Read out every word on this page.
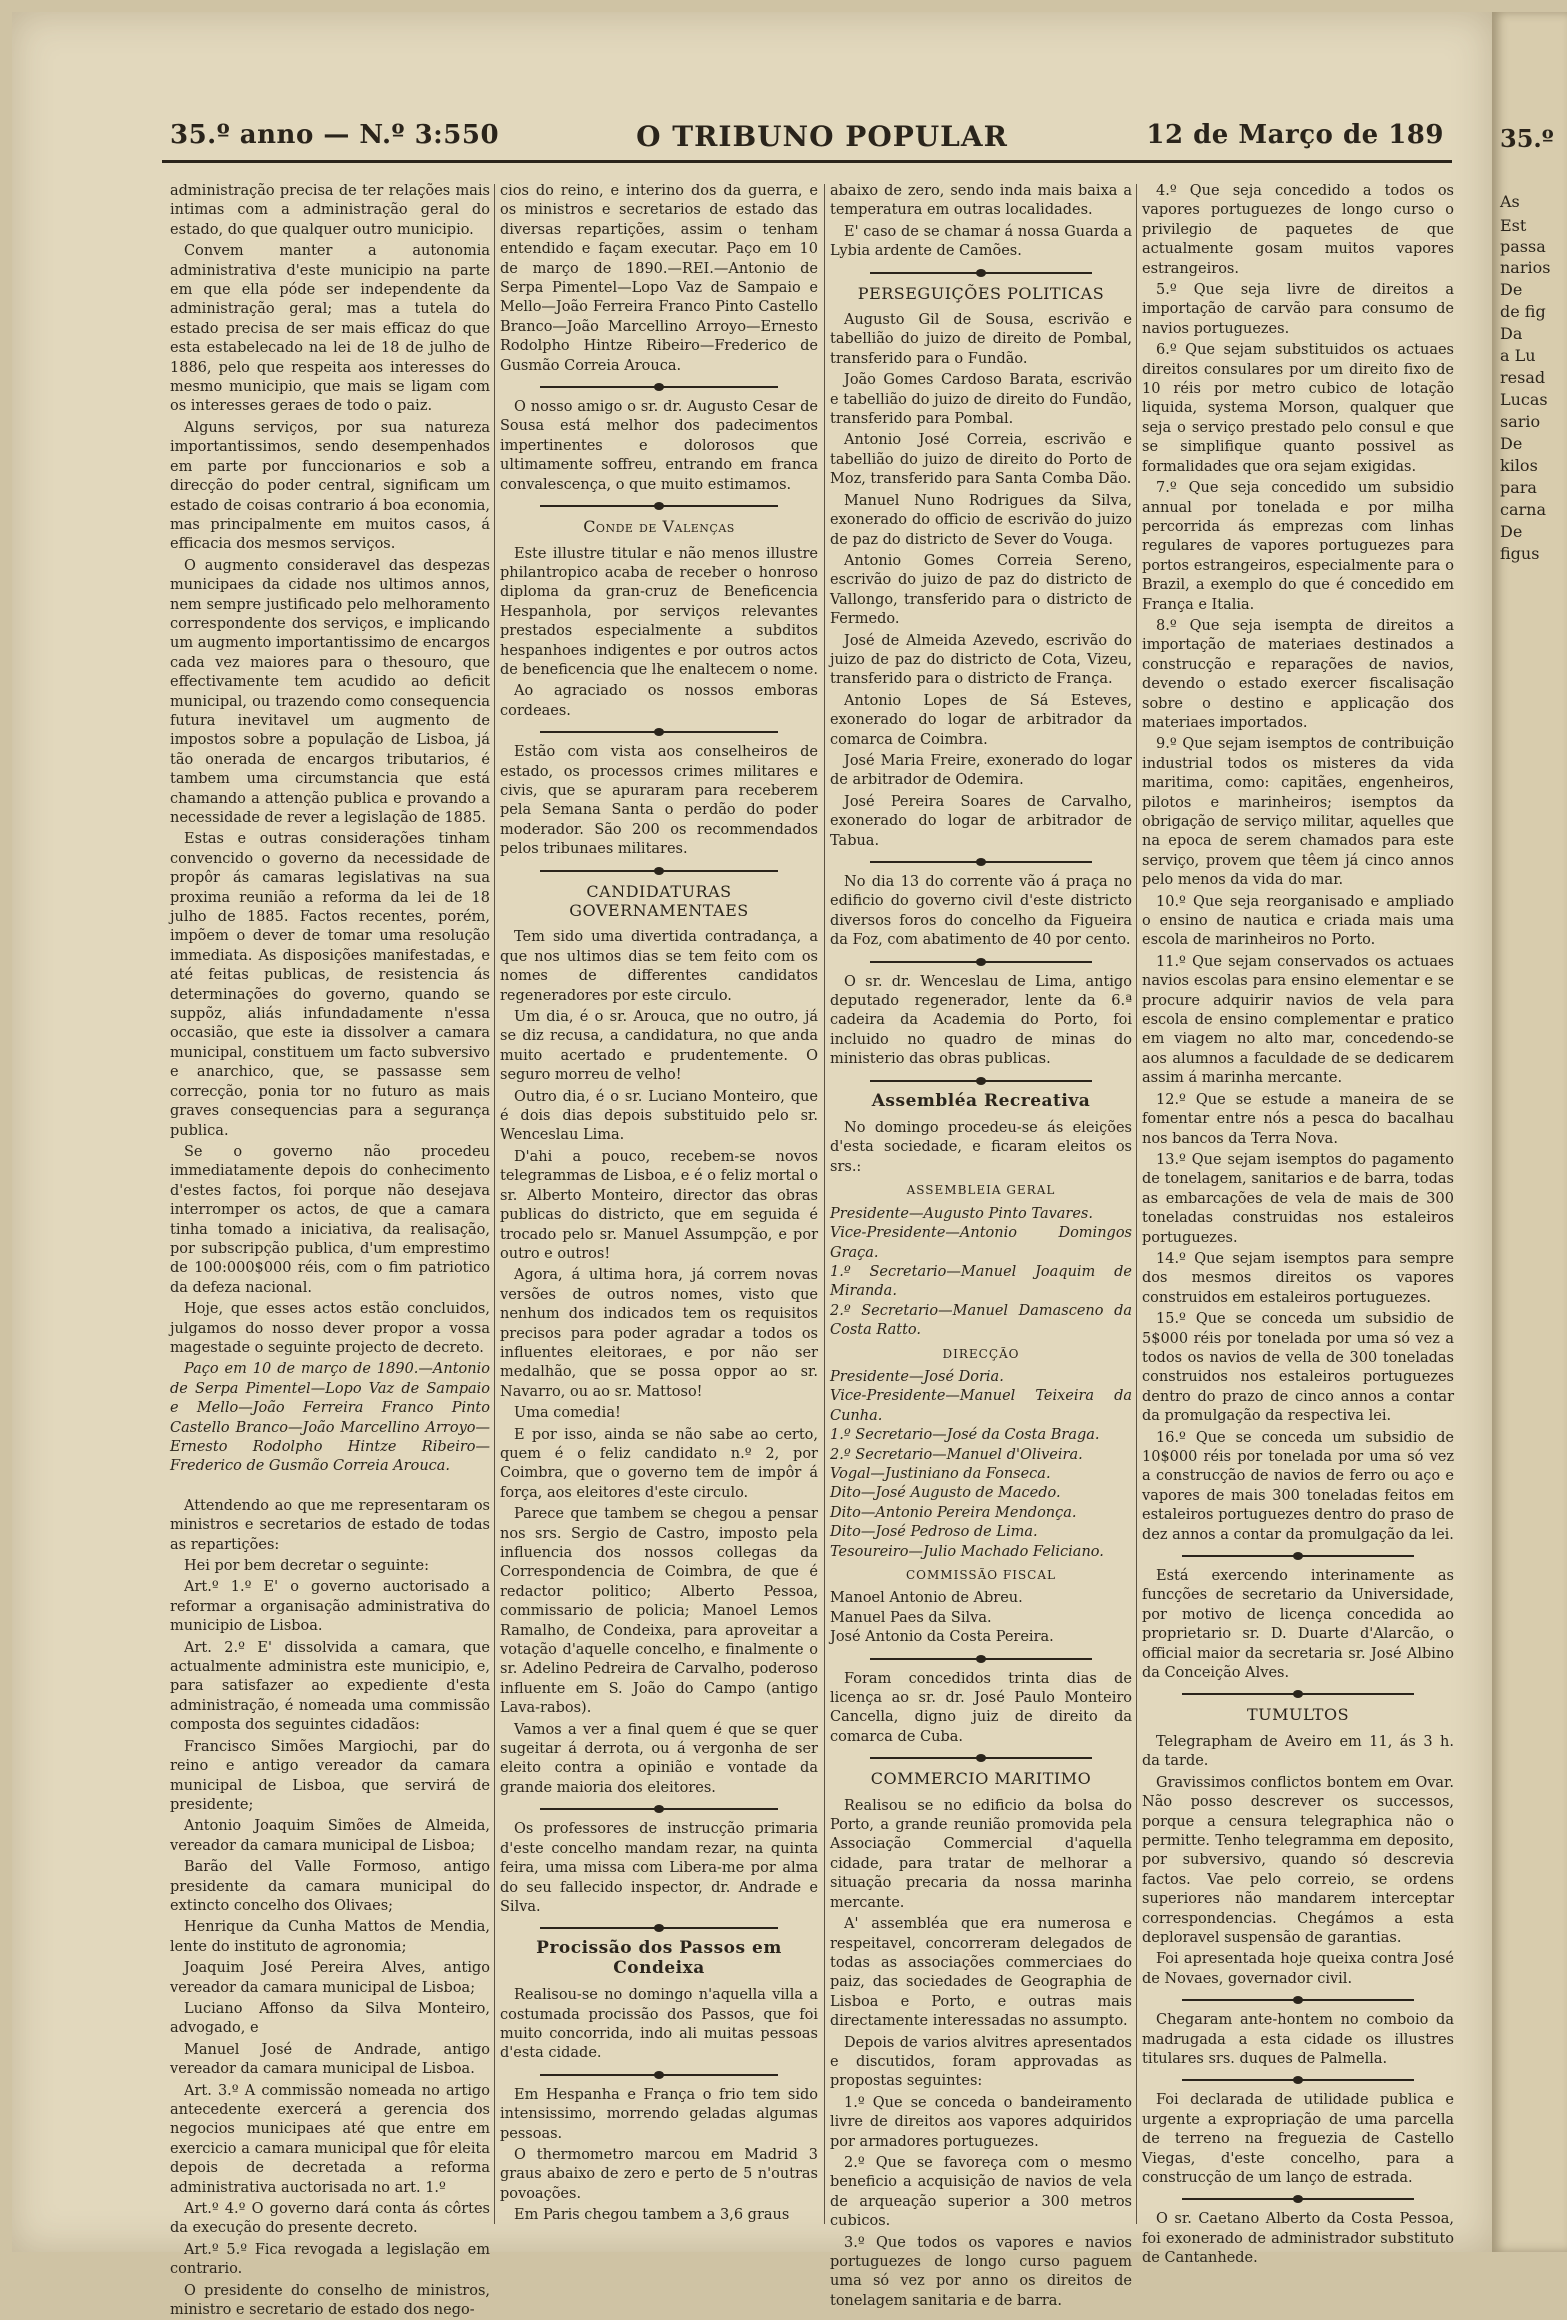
35.º anno — N.º 3:550	O TRIBUNO POPULAR	12 de Março de 189

administração precisa de ter relações mais intimas com a administração geral do estado, do que qualquer outro municipio.

Convem manter a autonomia administrativa d'este municipio na parte em que ella póde ser independente da administração geral; mas a tutela do estado precisa de ser mais efficaz do que esta estabelecado na lei de 18 de julho de 1886, pelo que respeita aos interesses do mesmo municipio, que mais se ligam com os interesses geraes de todo o paiz.

Alguns serviços, por sua natureza importantissimos, sendo desempenhados em parte por funccionarios e sob a direcção do poder central, significam um estado de coisas contrario á boa economia, mas principalmente em muitos casos, á efficacia dos mesmos serviços.

O augmento consideravel das despezas municipaes da cidade nos ultimos annos, nem sempre justificado pelo melhoramento correspondente dos serviços, e implicando um augmento importantissimo de encargos cada vez maiores para o thesouro, que effectivamente tem acudido ao deficit municipal, ou trazendo como consequencia futura inevitavel um augmento de impostos sobre a população de Lisboa, já tão onerada de encargos tributarios, é tambem uma circumstancia que está chamando a attenção publica e provando a necessidade de rever a legislação de 1885.

Estas e outras considerações tinham convencido o governo da necessidade de propôr ás camaras legislativas na sua proxima reunião a reforma da lei de 18 julho de 1885. Factos recentes, porém, impõem o dever de tomar uma resolução immediata. As disposições manifestadas, e até feitas publicas, de resistencia ás determinações do governo, quando se suppõz, aliás infundadamente n'essa occasião, que este ia dissolver a camara municipal, constituem um facto subversivo e anarchico, que, se passasse sem correcção, ponia tor no futuro as mais graves consequencias para a segurança publica.

Se o governo não procedeu immediatamente depois do conhecimento d'estes factos, foi porque não desejava interromper os actos, de que a camara tinha tomado a iniciativa, da realisação, por subscripção publica, d'um emprestimo de 100:000$000 réis, com o fim patriotico da defeza nacional.

Hoje, que esses actos estão concluidos, julgamos do nosso dever propor a vossa magestade o seguinte projecto de decreto.

Paço em 10 de março de 1890.—Antonio de Serpa Pimentel—Lopo Vaz de Sampaio e Mello—João Ferreira Franco Pinto Castello Branco—João Marcellino Arroyo—Ernesto Rodolpho Hintze Ribeiro—Frederico de Gusmão Correia Arouca.

Attendendo ao que me representaram os ministros e secretarios de estado de todas as repartições:

Hei por bem decretar o seguinte:

Art.º 1.º E' o governo auctorisado a reformar a organisação administrativa do municipio de Lisboa.

Art. 2.º E' dissolvida a camara, que actualmente administra este municipio, e, para satisfazer ao expediente d'esta administração, é nomeada uma commissão composta dos seguintes cidadãos:

Francisco Simões Margiochi, par do reino e antigo vereador da camara municipal de Lisboa, que servirá de presidente;

Antonio Joaquim Simões de Almeida, vereador da camara municipal de Lisboa;

Barão del Valle Formoso, antigo presidente da camara municipal do extincto concelho dos Olivaes;

Henrique da Cunha Mattos de Mendia, lente do instituto de agronomia;

Joaquim José Pereira Alves, antigo vereador da camara municipal de Lisboa;

Luciano Affonso da Silva Monteiro, advogado, e

Manuel José de Andrade, antigo vereador da camara municipal de Lisboa.

Art. 3.º A commissão nomeada no artigo antecedente exercerá a gerencia dos negocios municipaes até que entre em exercicio a camara municipal que fôr eleita depois de decretada a reforma administrativa auctorisada no art. 1.º

Art.º 4.º O governo dará conta ás côrtes da execução do presente decreto.

Art.º 5.º Fica revogada a legislação em contrario.

O presidente do conselho de ministros, ministro e secretario de estado dos nego-

cios do reino, e interino dos da guerra, e os ministros e secretarios de estado das diversas repartições, assim o tenham entendido e façam executar. Paço em 10 de março de 1890.—REI.—Antonio de Serpa Pimentel—Lopo Vaz de Sampaio e Mello—João Ferreira Franco Pinto Castello Branco—João Marcellino Arroyo—Ernesto Rodolpho Hintze Ribeiro—Frederico de Gusmão Correia Arouca.

O nosso amigo o sr. dr. Augusto Cesar de Sousa está melhor dos padecimentos impertinentes e dolorosos que ultimamente soffreu, entrando em franca convalescença, o que muito estimamos.

Conde de Valenças

Este illustre titular e não menos illustre philantropico acaba de receber o honroso diploma da gran-cruz de Beneficencia Hespanhola, por serviços relevantes prestados especialmente a subditos hespanhoes indigentes e por outros actos de beneficencia que lhe enaltecem o nome.

Ao agraciado os nossos emboras cordeaes.

Estão com vista aos conselheiros de estado, os processos crimes militares e civis, que se apuraram para receberem pela Semana Santa o perdão do poder moderador. São 200 os recommendados pelos tribunaes militares.

CANDIDATURAS GOVERNAMENTAES

Tem sido uma divertida contradança, a que nos ultimos dias se tem feito com os nomes de differentes candidatos regeneradores por este circulo.

Um dia, é o sr. Arouca, que no outro, já se diz recusa, a candidatura, no que anda muito acertado e prudentemente. O seguro morreu de velho!

Outro dia, é o sr. Luciano Monteiro, que é dois dias depois substituido pelo sr. Wenceslau Lima.

D'ahi a pouco, recebem-se novos telegrammas de Lisboa, e é o feliz mortal o sr. Alberto Monteiro, director das obras publicas do districto, que em seguida é trocado pelo sr. Manuel Assumpção, e por outro e outros!

Agora, á ultima hora, já correm novas versões de outros nomes, visto que nenhum dos indicados tem os requisitos precisos para poder agradar a todos os influentes eleitoraes, e por não ser medalhão, que se possa oppor ao sr. Navarro, ou ao sr. Mattoso!

Uma comedia!

E por isso, ainda se não sabe ao certo, quem é o feliz candidato n.º 2, por Coimbra, que o governo tem de impôr á força, aos eleitores d'este circulo.

Parece que tambem se chegou a pensar nos srs. Sergio de Castro, imposto pela influencia dos nossos collegas da Correspondencia de Coimbra, de que é redactor politico; Alberto Pessoa, commissario de policia; Manoel Lemos Ramalho, de Condeixa, para aproveitar a votação d'aquelle concelho, e finalmente o sr. Adelino Pedreira de Carvalho, poderoso influente em S. João do Campo (antigo Lava-rabos).

Vamos a ver a final quem é que se quer sugeitar á derrota, ou á vergonha de ser eleito contra a opinião e vontade da grande maioria dos eleitores.

Os professores de instrucção primaria d'este concelho mandam rezar, na quinta feira, uma missa com Libera-me por alma do seu fallecido inspector, dr. Andrade e Silva.

Procissão dos Passos em Condeixa

Realisou-se no domingo n'aquella villa a costumada procissão dos Passos, que foi muito concorrida, indo ali muitas pessoas d'esta cidade.

Em Hespanha e França o frio tem sido intensissimo, morrendo geladas algumas pessoas.

O thermometro marcou em Madrid 3 graus abaixo de zero e perto de 5 n'outras povoações.

Em Paris chegou tambem a 3,6 graus

abaixo de zero, sendo inda mais baixa a temperatura em outras localidades.

E' caso de se chamar á nossa Guarda a Lybia ardente de Camões.

PERSEGUIÇÕES POLITICAS

Augusto Gil de Sousa, escrivão e tabellião do juizo de direito de Pombal, transferido para o Fundão.

João Gomes Cardoso Barata, escrivão e tabellião do juizo de direito do Fundão, transferido para Pombal.

Antonio José Correia, escrivão e tabellião do juizo de direito do Porto de Moz, transferido para Santa Comba Dão.

Manuel Nuno Rodrigues da Silva, exonerado do officio de escrivão do juizo de paz do districto de Sever do Vouga.

Antonio Gomes Correia Sereno, escrivão do juizo de paz do districto de Vallongo, transferido para o districto de Fermedo.

José de Almeida Azevedo, escrivão do juizo de paz do districto de Cota, Vizeu, transferido para o districto de França.

Antonio Lopes de Sá Esteves, exonerado do logar de arbitrador da comarca de Coimbra.

José Maria Freire, exonerado do logar de arbitrador de Odemira.

José Pereira Soares de Carvalho, exonerado do logar de arbitrador de Tabua.

No dia 13 do corrente vão á praça no edificio do governo civil d'este districto diversos foros do concelho da Figueira da Foz, com abatimento de 40 por cento.

O sr. dr. Wenceslau de Lima, antigo deputado regenerador, lente da 6.ª cadeira da Academia do Porto, foi incluido no quadro de minas do ministerio das obras publicas.

Assembléa Recreativa

No domingo procedeu-se ás eleições d'esta sociedade, e ficaram eleitos os srs.:

ASSEMBLEIA GERAL

Presidente—Augusto Pinto Tavares.

Vice-Presidente—Antonio Domingos Graça.

1.º Secretario—Manuel Joaquim de Miranda.

2.º Secretario—Manuel Damasceno da Costa Ratto.

DIRECÇÃO

Presidente—José Doria.

Vice-Presidente—Manuel Teixeira da Cunha.

1.º Secretario—José da Costa Braga.

2.º Secretario—Manuel d'Oliveira.

Vogal—Justiniano da Fonseca.

Dito—José Augusto de Macedo.

Dito—Antonio Pereira Mendonça.

Dito—José Pedroso de Lima.

Tesoureiro—Julio Machado Feliciano.

COMMISSÃO FISCAL

Manoel Antonio de Abreu.

Manuel Paes da Silva.

José Antonio da Costa Pereira.

Foram concedidos trinta dias de licença ao sr. dr. José Paulo Monteiro Cancella, digno juiz de direito da comarca de Cuba.

COMMERCIO MARITIMO

Realisou se no edificio da bolsa do Porto, a grande reunião promovida pela Associação Commercial d'aquella cidade, para tratar de melhorar a situação precaria da nossa marinha mercante.

A' assembléa que era numerosa e respeitavel, concorreram delegados de todas as associações commerciaes do paiz, das sociedades de Geographia de Lisboa e Porto, e outras mais directamente interessadas no assumpto.

Depois de varios alvitres apresentados e discutidos, foram approvadas as propostas seguintes:

1.º Que se conceda o bandeiramento livre de direitos aos vapores adquiridos por armadores portuguezes.

2.º Que se favoreça com o mesmo beneficio a acquisição de navios de vela de arqueação superior a 300 metros cubicos.

3.º Que todos os vapores e navios portuguezes de longo curso paguem uma só vez por anno os direitos de tonelagem sanitaria e de barra.

4.º Que seja concedido a todos os vapores portuguezes de longo curso o privilegio de paquetes de que actualmente gosam muitos vapores estrangeiros.

5.º Que seja livre de direitos a importação de carvão para consumo de navios portuguezes.

6.º Que sejam substituidos os actuaes direitos consulares por um direito fixo de 10 réis por metro cubico de lotação liquida, systema Morson, qualquer que seja o serviço prestado pelo consul e que se simplifique quanto possivel as formalidades que ora sejam exigidas.

7.º Que seja concedido um subsidio annual por tonelada e por milha percorrida ás emprezas com linhas regulares de vapores portuguezes para portos estrangeiros, especialmente para o Brazil, a exemplo do que é concedido em França e Italia.

8.º Que seja isempta de direitos a importação de materiaes destinados a construcção e reparações de navios, devendo o estado exercer fiscalisação sobre o destino e applicação dos materiaes importados.

9.º Que sejam isemptos de contribuição industrial todos os misteres da vida maritima, como: capitães, engenheiros, pilotos e marinheiros; isemptos da obrigação de serviço militar, aquelles que na epoca de serem chamados para este serviço, provem que têem já cinco annos pelo menos da vida do mar.

10.º Que seja reorganisado e ampliado o ensino de nautica e criada mais uma escola de marinheiros no Porto.

11.º Que sejam conservados os actuaes navios escolas para ensino elementar e se procure adquirir navios de vela para escola de ensino complementar e pratico em viagem no alto mar, concedendo-se aos alumnos a faculdade de se dedicarem assim á marinha mercante.

12.º Que se estude a maneira de se fomentar entre nós a pesca do bacalhau nos bancos da Terra Nova.

13.º Que sejam isemptos do pagamento de tonelagem, sanitarios e de barra, todas as embarcações de vela de mais de 300 toneladas construidas nos estaleiros portuguezes.

14.º Que sejam isemptos para sempre dos mesmos direitos os vapores construidos em estaleiros portuguezes.

15.º Que se conceda um subsidio de 5$000 réis por tonelada por uma só vez a todos os navios de vella de 300 toneladas construidos nos estaleiros portuguezes dentro do prazo de cinco annos a contar da promulgação da respectiva lei.

16.º Que se conceda um subsidio de 10$000 réis por tonelada por uma só vez a construcção de navios de ferro ou aço e vapores de mais 300 toneladas feitos em estaleiros portuguezes dentro do praso de dez annos a contar da promulgação da lei.

Está exercendo interinamente as funcções de secretario da Universidade, por motivo de licença concedida ao proprietario sr. D. Duarte d'Alarcão, o official maior da secretaria sr. José Albino da Conceição Alves.

TUMULTOS

Telegrapham de Aveiro em 11, ás 3 h. da tarde.

Gravissimos conflictos bontem em Ovar. Não posso descrever os successos, porque a censura telegraphica não o permitte. Tenho telegramma em deposito, por subversivo, quando só descrevia factos. Vae pelo correio, se ordens superiores não mandarem interceptar correspondencias. Chegámos a esta deploravel suspensão de garantias.

Foi apresentada hoje queixa contra José de Novaes, governador civil.

Chegaram ante-hontem no comboio da madrugada a esta cidade os illustres titulares srs. duques de Palmella.

Foi declarada de utilidade publica e urgente a expropriação de uma parcella de terreno na freguezia de Castello Viegas, d'este concelho, para a construcção de um lanço de estrada.

O sr. Caetano Alberto da Costa Pessoa, foi exonerado de administrador substituto de Cantanhede.

35.º
As
Est
passa
narios
De
de fig
Da
a Lu
resad
Lucas
sario
De
kilos
para
carna
De
figus
